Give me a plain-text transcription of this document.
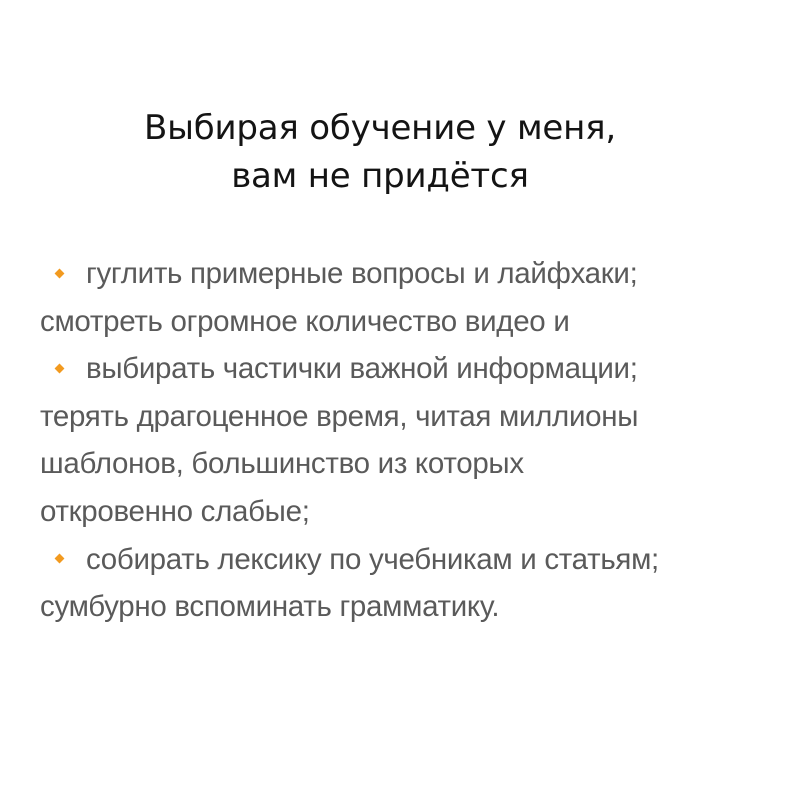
Выбирая обучение у меня,
вам не придётся
гуглить примерные вопросы и лайфхаки;
смотреть огромное количество видео и
выбирать частички важной информации;
терять драгоценное время, читая миллионы
шаблонов, большинство из которых
откровенно слабые;
собирать лексику по учебникам и статьям;
сумбурно вспоминать грамматику.
